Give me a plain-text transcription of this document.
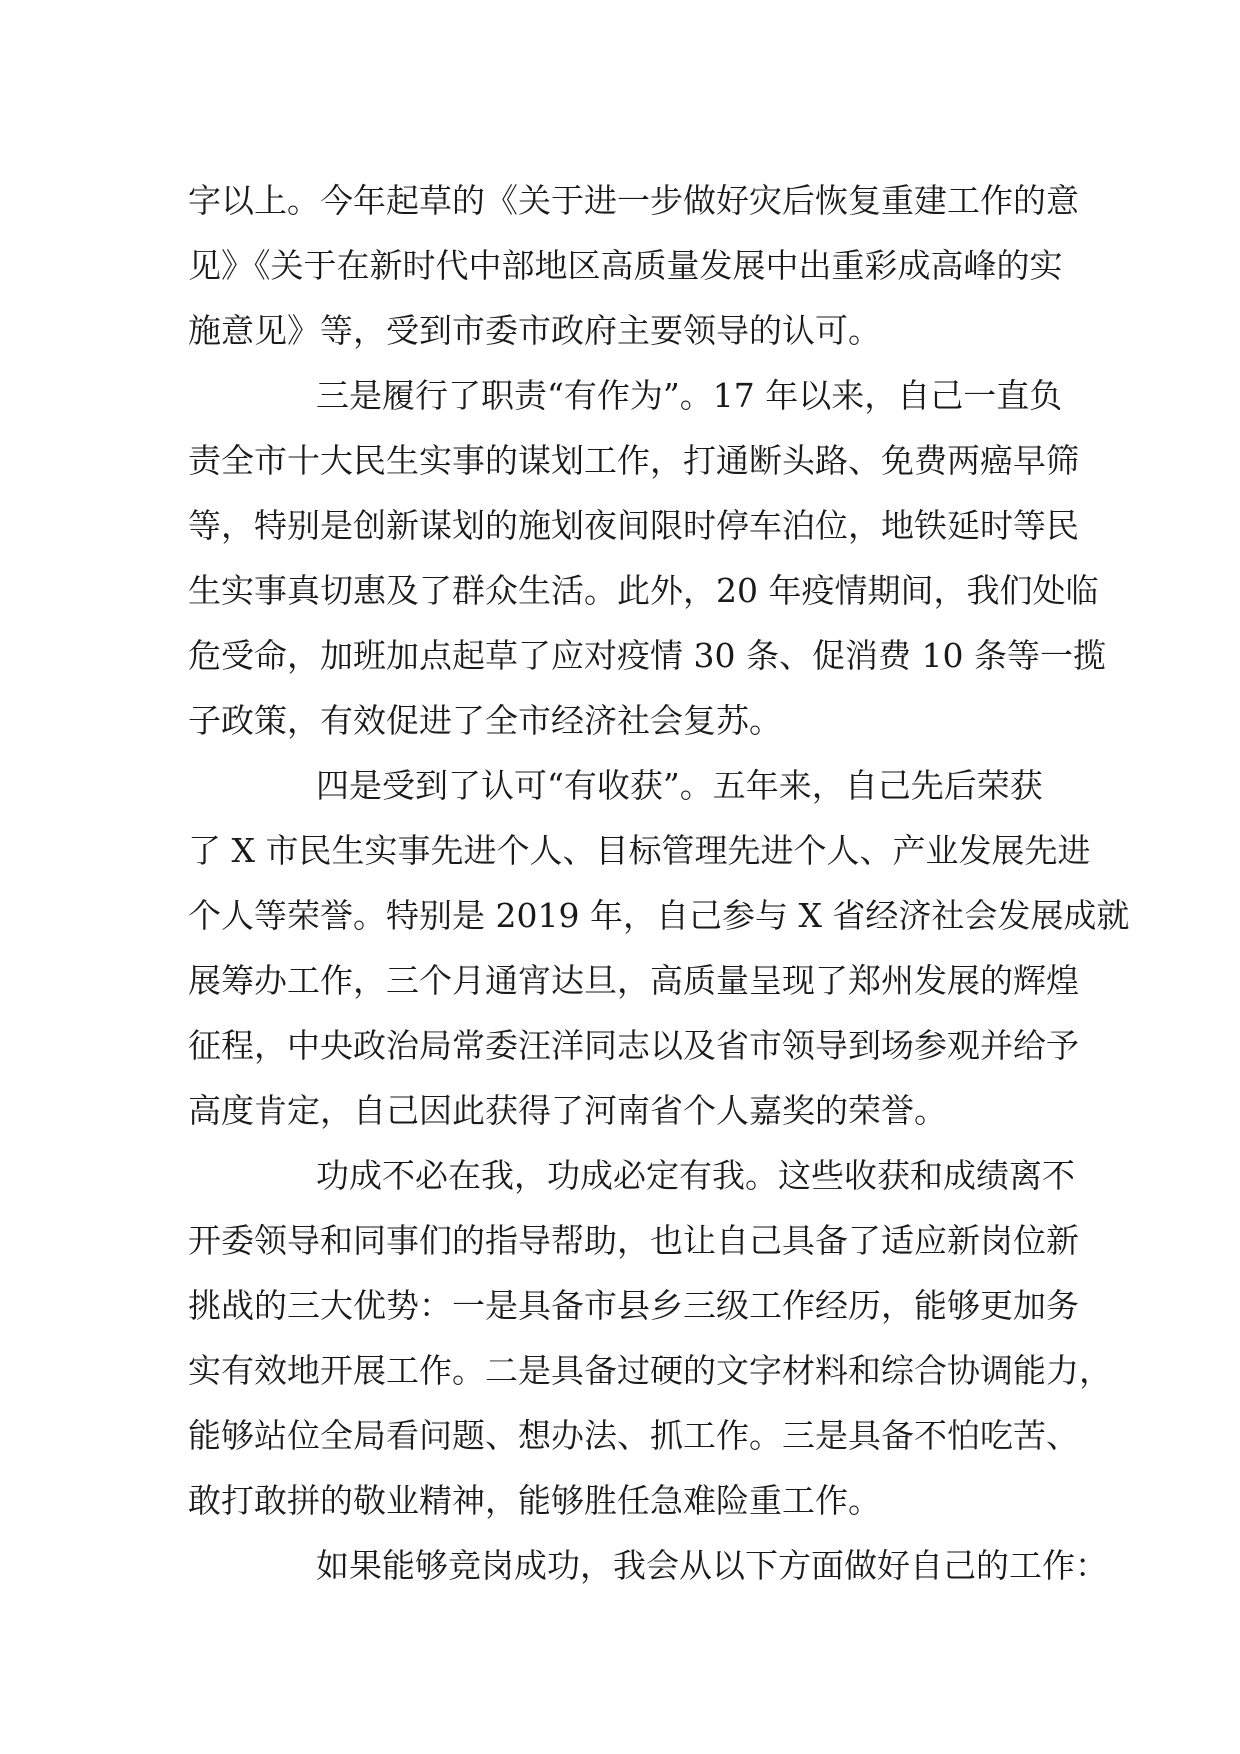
字以上。今年起草的《关于进一步做好灾后恢复重建工作的意
见》《关于在新时代中部地区高质量发展中出重彩成高峰的实
施意见》等，受到市委市政府主要领导的认可。
三是履行了职责“有作为”。17 年以来，自己一直负
责全市十大民生实事的谋划工作，打通断头路、免费两癌早筛
等，特别是创新谋划的施划夜间限时停车泊位，地铁延时等民
生实事真切惠及了群众生活。此外，20 年疫情期间，我们处临
危受命，加班加点起草了应对疫情 30 条、促消费 10 条等一揽
子政策，有效促进了全市经济社会复苏。
四是受到了认可“有收获”。五年来，自己先后荣获
了 X 市民生实事先进个人、目标管理先进个人、产业发展先进
个人等荣誉。特别是 2019 年，自己参与 X 省经济社会发展成就
展筹办工作，三个月通宵达旦，高质量呈现了郑州发展的辉煌
征程，中央政治局常委汪洋同志以及省市领导到场参观并给予
高度肯定，自己因此获得了河南省个人嘉奖的荣誉。
功成不必在我，功成必定有我。这些收获和成绩离不
开委领导和同事们的指导帮助，也让自己具备了适应新岗位新
挑战的三大优势：一是具备市县乡三级工作经历，能够更加务
实有效地开展工作。二是具备过硬的文字材料和综合协调能力，
能够站位全局看问题、想办法、抓工作。三是具备不怕吃苦、
敢打敢拼的敬业精神，能够胜任急难险重工作。
如果能够竞岗成功，我会从以下方面做好自己的工作：
